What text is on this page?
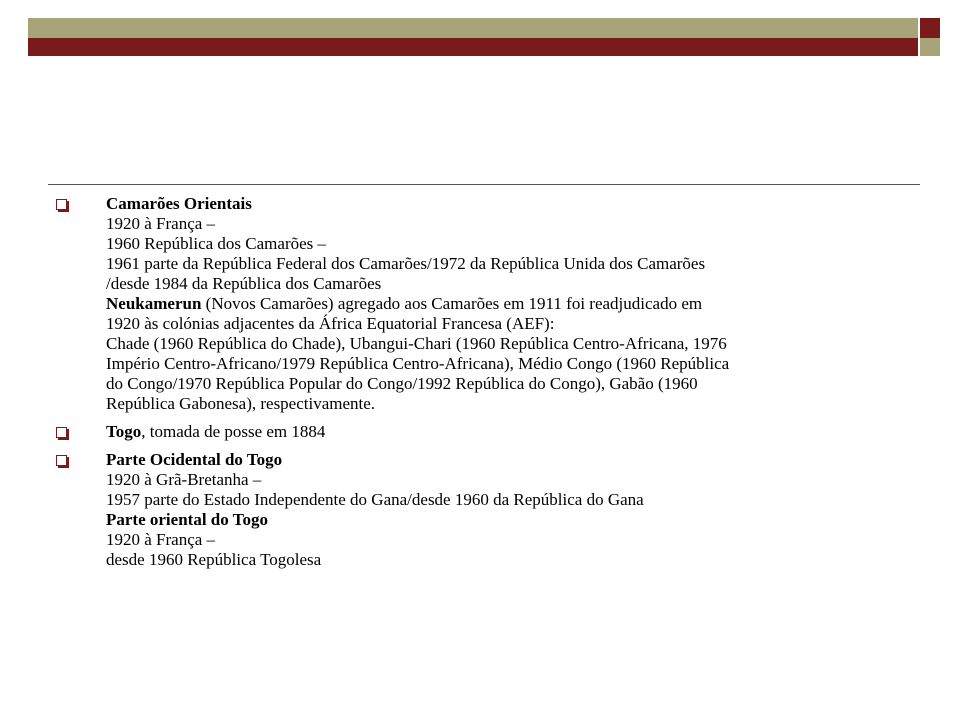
Camarões Orientais
1920 à França –
1960 República dos Camarões –
1961 parte da República Federal dos Camarões/1972 da República Unida dos Camarões
/desde 1984 da República dos Camarões
Neukamerun (Novos Camarões) agregado aos Camarões em 1911 foi readjudicado em
1920 às colónias adjacentes da África Equatorial Francesa (AEF):
Chade (1960 República do Chade), Ubangui-Chari (1960 República Centro-Africana, 1976
Império Centro-Africano/1979 República Centro-Africana), Médio Congo (1960 República
do Congo/1970 República Popular do Congo/1992 República do Congo), Gabão (1960
República Gabonesa), respectivamente.
Togo, tomada de posse em 1884
Parte Ocidental do Togo
1920 à Grã-Bretanha –
1957 parte do Estado Independente do Gana/desde 1960 da República do Gana
Parte oriental do Togo
1920 à França –
desde 1960 República Togolesa
